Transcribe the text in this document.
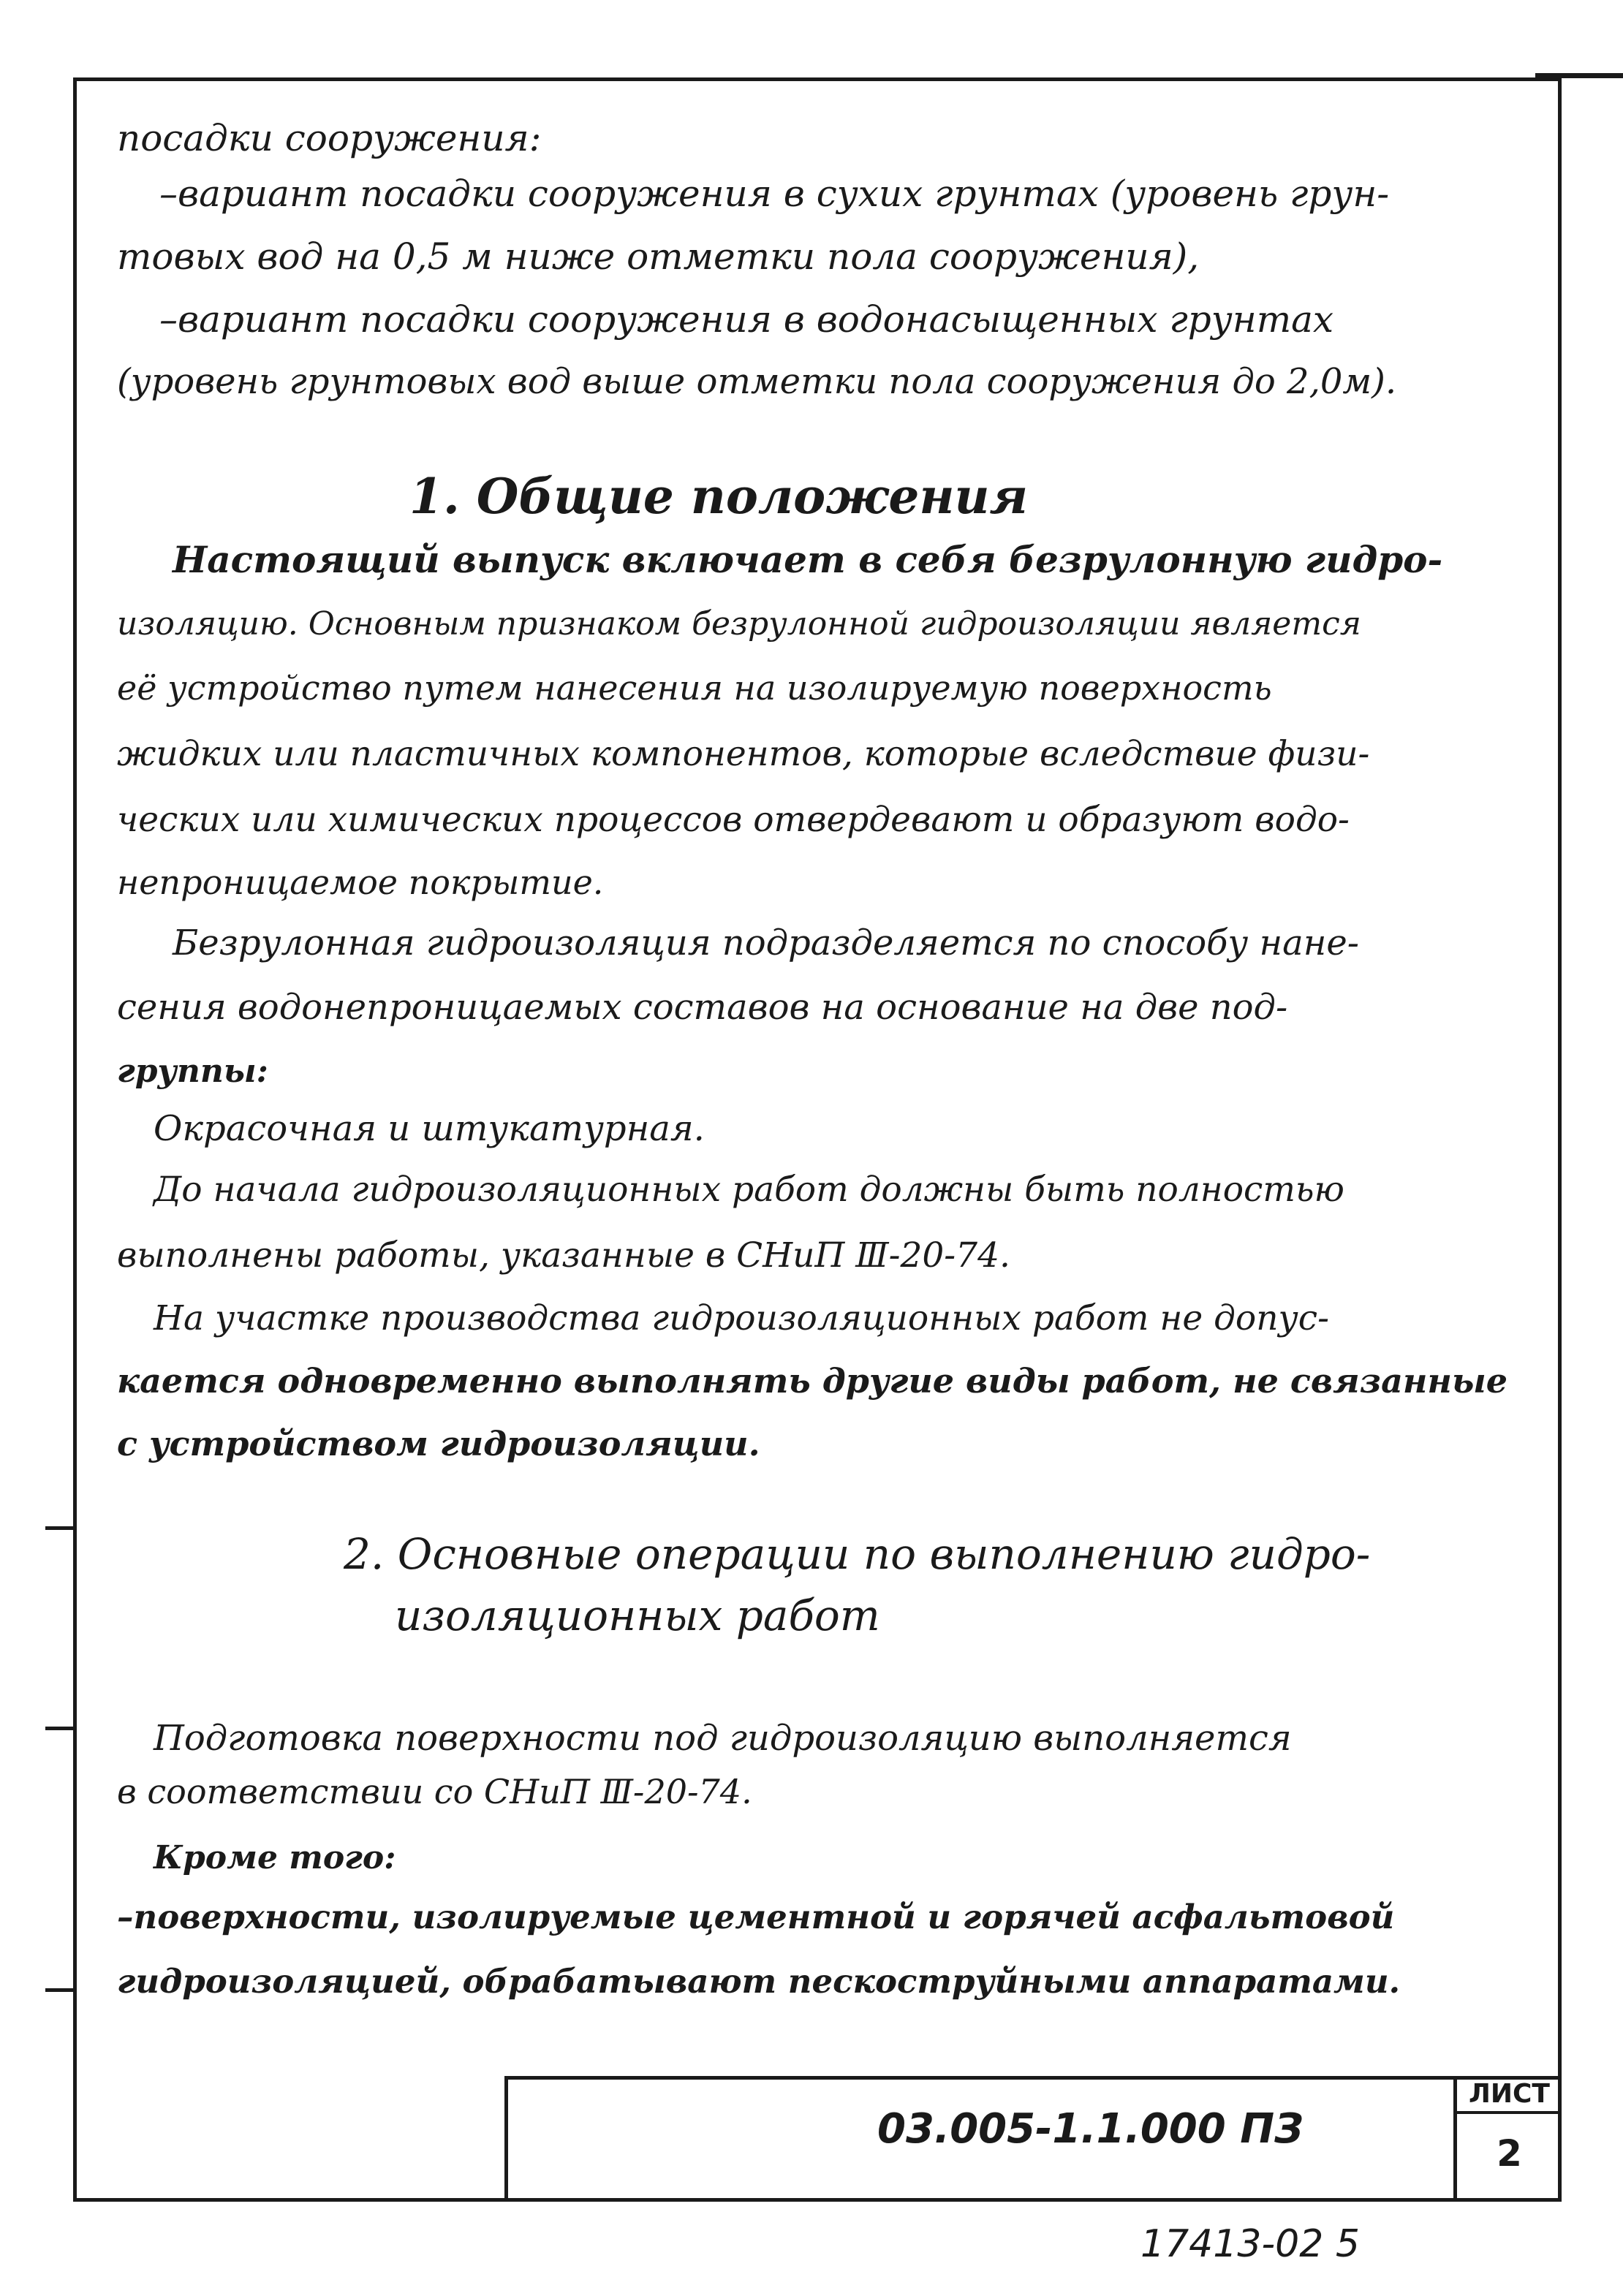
посадки сооружения:
–вариант посадки сооружения в сухих грунтах (уровень грун-
товых вод на 0,5 м ниже отметки пола сооружения),
–вариант посадки сооружения в водонасыщенных грунтах
(уровень грунтовых вод выше отметки пола сооружения до 2,0м).
1. Общие положения
Настоящий выпуск включает в себя безрулонную гидро-
изоляцию. Основным признаком безрулонной гидроизоляции является
её устройство путем нанесения на изолируемую поверхность
жидких или пластичных компонентов, которые вследствие физи-
ческих или химических процессов отвердевают и образуют водо-
непроницаемое покрытие.
Безрулонная гидроизоляция подразделяется по способу нане-
сения водонепроницаемых составов на основание на две под-
группы:
Окрасочная и штукатурная.
До начала гидроизоляционных работ должны быть полностью
выполнены работы, указанные в СНиП Ⅲ-20-74.
На участке производства гидроизоляционных работ не допус-
кается одновременно выполнять другие виды работ, не связанные
с устройством гидроизоляции.
2. Основные операции по выполнению гидро-
изоляционных работ
Подготовка поверхности под гидроизоляцию выполняется
в соответствии со СНиП Ⅲ-20-74.
Кроме того:
–поверхности, изолируемые цементной и горячей асфальтовой
гидроизоляцией, обрабатывают пескоструйными аппаратами.
03.005-1.1.000 ПЗ
ЛИСТ
2
17413-02 5
